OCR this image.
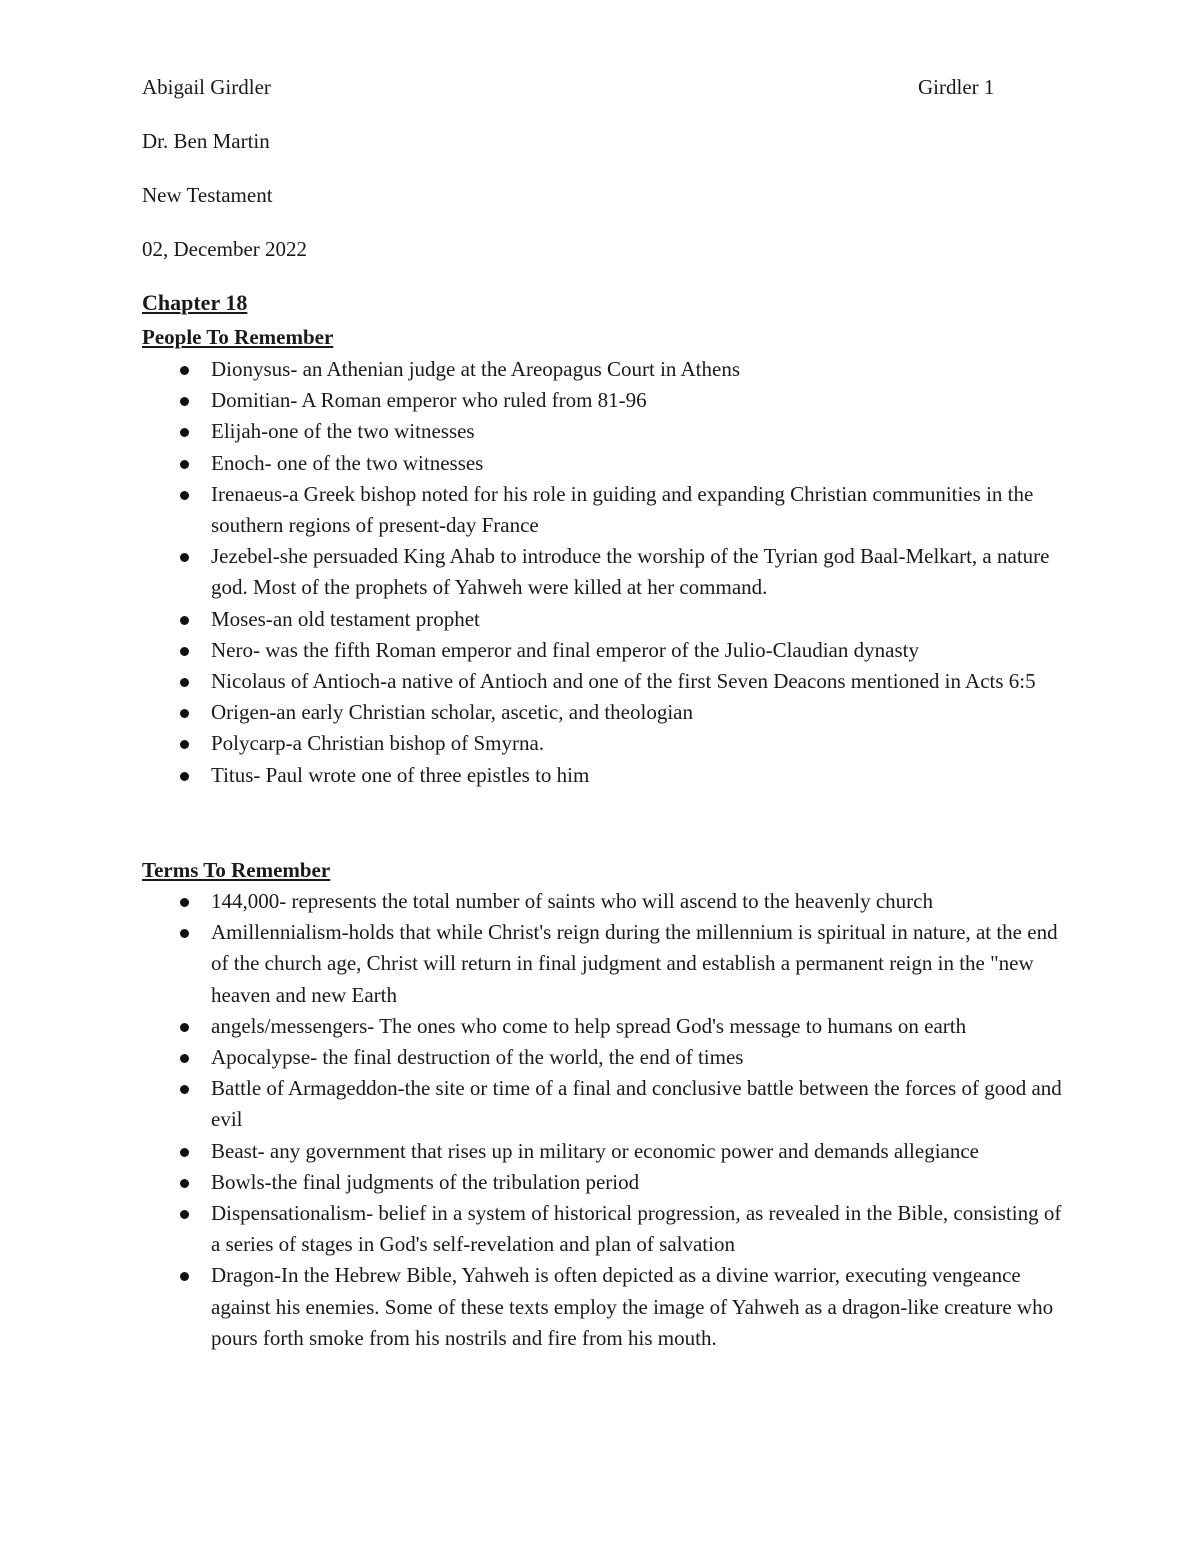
Abigail Girdler	Girdler 1
Dr. Ben Martin
New Testament
02, December 2022
Chapter 18
People To Remember
Dionysus- an Athenian judge at the Areopagus Court in Athens
Domitian- A Roman emperor who ruled from 81-96
Elijah-one of the two witnesses
Enoch- one of the two witnesses
Irenaeus-a Greek bishop noted for his role in guiding and expanding Christian communities in the southern regions of present-day France
Jezebel-she persuaded King Ahab to introduce the worship of the Tyrian god Baal-Melkart, a nature god. Most of the prophets of Yahweh were killed at her command.
Moses-an old testament prophet
Nero- was the fifth Roman emperor and final emperor of the Julio-Claudian dynasty
Nicolaus of Antioch-a native of Antioch and one of the first Seven Deacons mentioned in Acts 6:5
Origen-an early Christian scholar, ascetic, and theologian
Polycarp-a Christian bishop of Smyrna.
Titus- Paul wrote one of three epistles to him
Terms To Remember
144,000- represents the total number of saints who will ascend to the heavenly church
Amillennialism-holds that while Christ's reign during the millennium is spiritual in nature, at the end of the church age, Christ will return in final judgment and establish a permanent reign in the "new heaven and new Earth
angels/messengers- The ones who come to help spread God's message to humans on earth
Apocalypse- the final destruction of the world, the end of times
Battle of Armageddon-the site or time of a final and conclusive battle between the forces of good and evil
Beast- any government that rises up in military or economic power and demands allegiance
Bowls-the final judgments of the tribulation period
Dispensationalism- belief in a system of historical progression, as revealed in the Bible, consisting of a series of stages in God's self-revelation and plan of salvation
Dragon-In the Hebrew Bible, Yahweh is often depicted as a divine warrior, executing vengeance against his enemies. Some of these texts employ the image of Yahweh as a dragon-like creature who pours forth smoke from his nostrils and fire from his mouth.
